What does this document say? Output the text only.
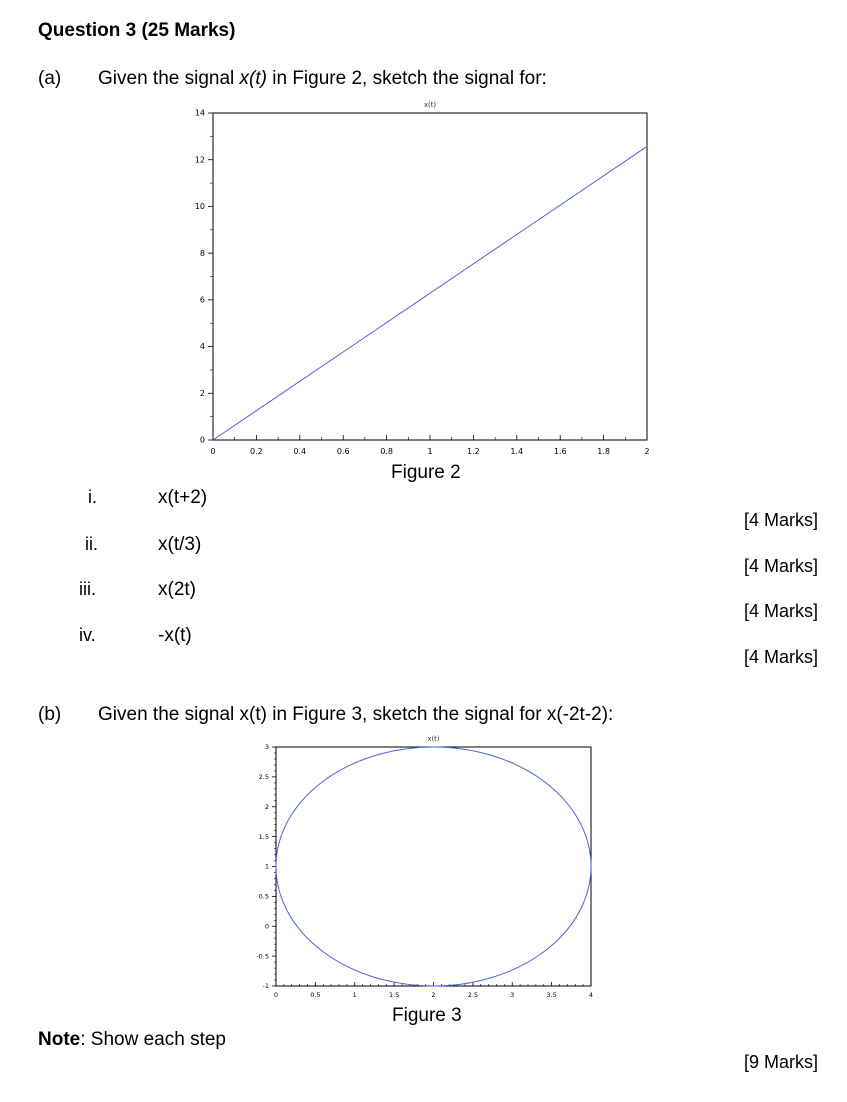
Question 3 (25 Marks)
(a) Given the signal x(t) in Figure 2, sketch the signal for:
x(t)
0	0.2	0.4	0.6	0.8	1	1.2	1.4	1.6	1.8	2
0
2
4
6
8
10
12
14
Figure 2
i.	x(t+2)
[4 Marks]
ii.	x(t/3)
[4 Marks]
iii.	x(2t)
[4 Marks]
iv.	-x(t)
[4 Marks]
(b) Given the signal x(t) in Figure 3, sketch the signal for x(-2t-2):
x(t)
0	0.5	1	1.5	2	2.5	3	3.5	4
-1
-0.5
0
0.5
1
1.5
2
2.5
3
Figure 3
Note: Show each step
[9 Marks]
